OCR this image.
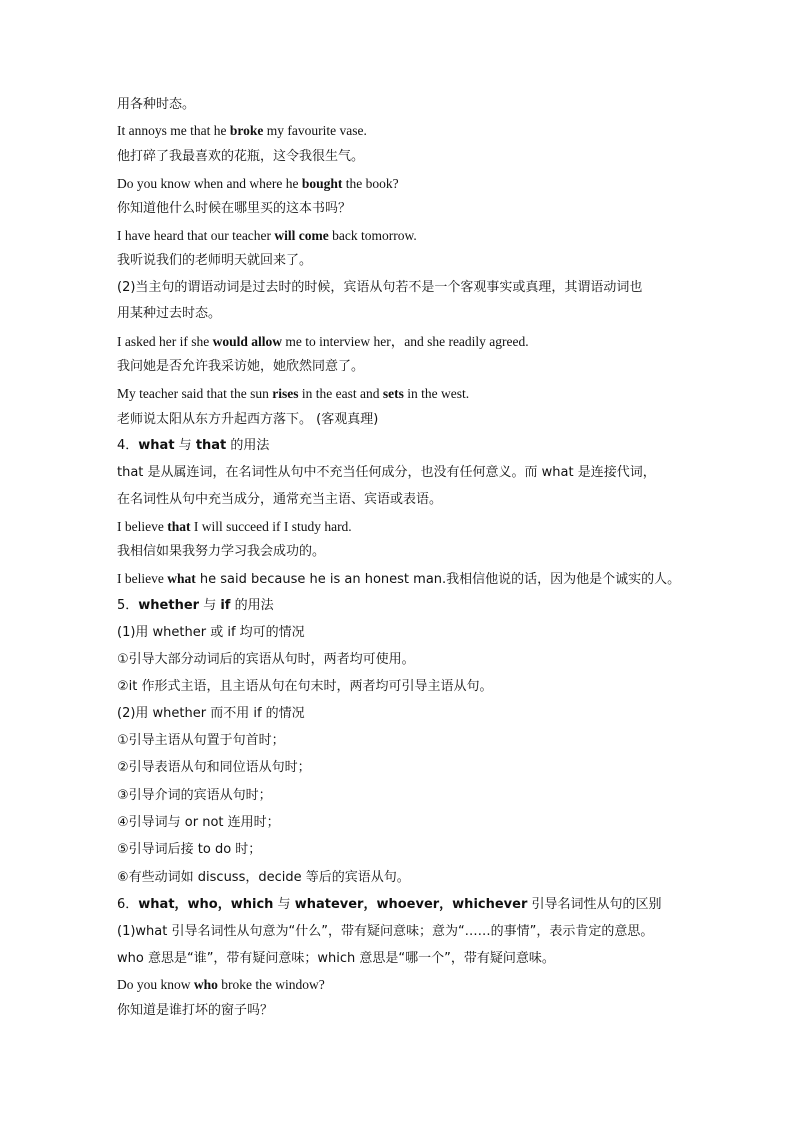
用各种时态。
It annoys me that he broke my favourite vase.
他打碎了我最喜欢的花瓶，这令我很生气。
Do you know when and where he bought the book?
你知道他什么时候在哪里买的这本书吗？
I have heard that our teacher will come back tomorrow.
我听说我们的老师明天就回来了。
(2)当主句的谓语动词是过去时的时候，宾语从句若不是一个客观事实或真理，其谓语动词也
用某种过去时态。
I asked her if she would allow me to interview her，and she readily agreed.
我问她是否允许我采访她，她欣然同意了。
My teacher said that the sun rises in the east and sets in the west.
老师说太阳从东方升起西方落下。 (客观真理)
4．what 与 that 的用法
that 是从属连词，在名词性从句中不充当任何成分，也没有任何意义。而 what 是连接代词，
在名词性从句中充当成分，通常充当主语、宾语或表语。
I believe that I will succeed if I study hard.
我相信如果我努力学习我会成功的。
I believe what he said because he is an honest man.我相信他说的话，因为他是个诚实的人。
5．whether 与 if 的用法
(1)用 whether 或 if 均可的情况
①引导大部分动词后的宾语从句时，两者均可使用。
②it 作形式主语，且主语从句在句末时，两者均可引导主语从句。
(2)用 whether 而不用 if 的情况
①引导主语从句置于句首时；
②引导表语从句和同位语从句时；
③引导介词的宾语从句时；
④引导词与 or not 连用时；
⑤引导词后接 to do 时；
⑥有些动词如 discuss，decide 等后的宾语从句。
6．what，who，which 与 whatever，whoever，whichever 引导名词性从句的区别
(1)what 引导名词性从句意为“什么”，带有疑问意味；意为“……的事情”，表示肯定的意思。
who 意思是“谁”，带有疑问意味；which 意思是“哪一个”，带有疑问意味。
Do you know who broke the window?
你知道是谁打坏的窗子吗？
